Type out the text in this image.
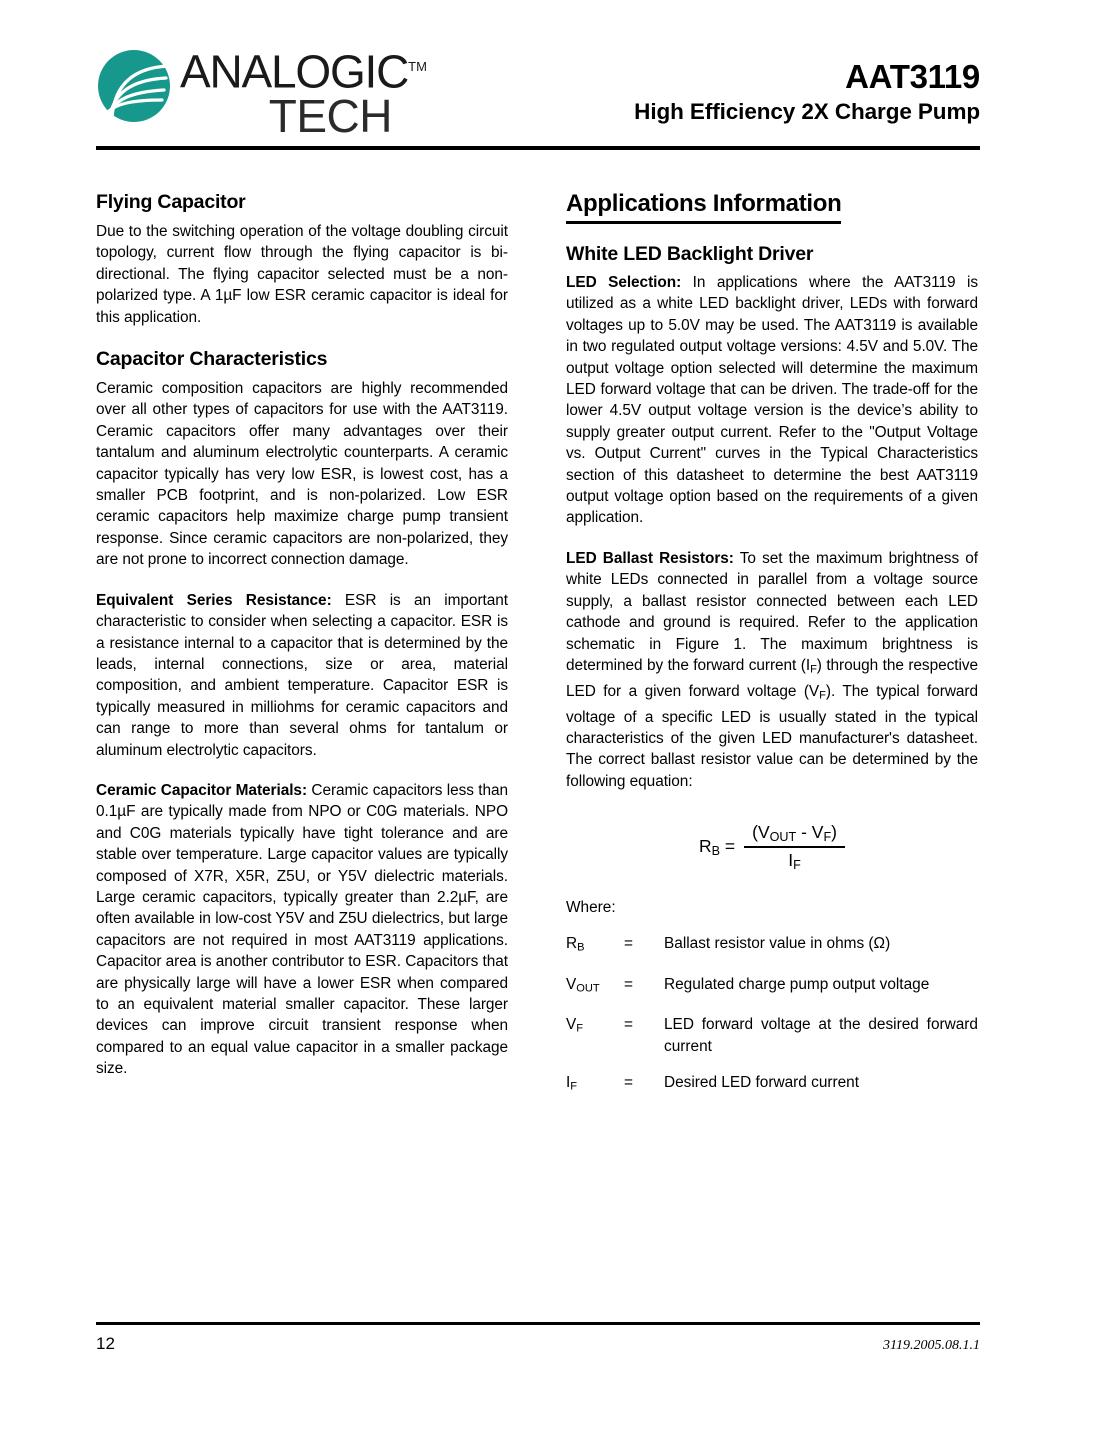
ANALOGIC™
TECH
AAT3119
High Efficiency 2X Charge Pump
Flying Capacitor

Due to the switching operation of the voltage doubling circuit topology, current flow through the flying capacitor is bi-directional. The flying capacitor selected must be a non-polarized type. A 1µF low ESR ceramic capacitor is ideal for this application.

Capacitor Characteristics

Ceramic composition capacitors are highly recommended over all other types of capacitors for use with the AAT3119. Ceramic capacitors offer many advantages over their tantalum and aluminum electrolytic counterparts. A ceramic capacitor typically has very low ESR, is lowest cost, has a smaller PCB footprint, and is non-polarized. Low ESR ceramic capacitors help maximize charge pump transient response. Since ceramic capacitors are non-polarized, they are not prone to incorrect connection damage.

Equivalent Series Resistance: ESR is an important characteristic to consider when selecting a capacitor. ESR is a resistance internal to a capacitor that is determined by the leads, internal connections, size or area, material composition, and ambient temperature. Capacitor ESR is typically measured in milliohms for ceramic capacitors and can range to more than several ohms for tantalum or aluminum electrolytic capacitors.

Ceramic Capacitor Materials: Ceramic capacitors less than 0.1µF are typically made from NPO or C0G materials. NPO and C0G materials typically have tight tolerance and are stable over temperature. Large capacitor values are typically composed of X7R, X5R, Z5U, or Y5V dielectric materials. Large ceramic capacitors, typically greater than 2.2µF, are often available in low-cost Y5V and Z5U dielectrics, but large capacitors are not required in most AAT3119 applications. Capacitor area is another contributor to ESR. Capacitors that are physically large will have a lower ESR when compared to an equivalent material smaller capacitor. These larger devices can improve circuit transient response when compared to an equal value capacitor in a smaller package size.

Applications Information
White LED Backlight Driver

LED Selection: In applications where the AAT3119 is utilized as a white LED backlight driver, LEDs with forward voltages up to 5.0V may be used. The AAT3119 is available in two regulated output voltage versions: 4.5V and 5.0V. The output voltage option selected will determine the maximum LED forward voltage that can be driven. The trade-off for the lower 4.5V output voltage version is the device’s ability to supply greater output current. Refer to the "Output Voltage vs. Output Current" curves in the Typical Characteristics section of this datasheet to determine the best AAT3119 output voltage option based on the requirements of a given application.

LED Ballast Resistors: To set the maximum brightness of white LEDs connected in parallel from a voltage source supply, a ballast resistor connected between each LED cathode and ground is required. Refer to the application schematic in Figure 1. The maximum brightness is determined by the forward current $(I_F)$ through the respective LED for a given forward voltage $(V_F)$. The typical forward voltage of a specific LED is usually stated in the typical characteristics of the given LED manufacturer's datasheet. The correct ballast resistor value can be determined by the following equation:

$R_B = \frac{(V_{OUT} - V_F)}{I_F}$
Where:
$R_B$	=	Ballast resistor value in ohms (Ω)
$V_{OUT}$	=	Regulated charge pump output voltage
$V_F$	=	LED forward voltage at the desired forward current
$I_F$	=	Desired LED forward current
12	3119.2005.08.1.1
